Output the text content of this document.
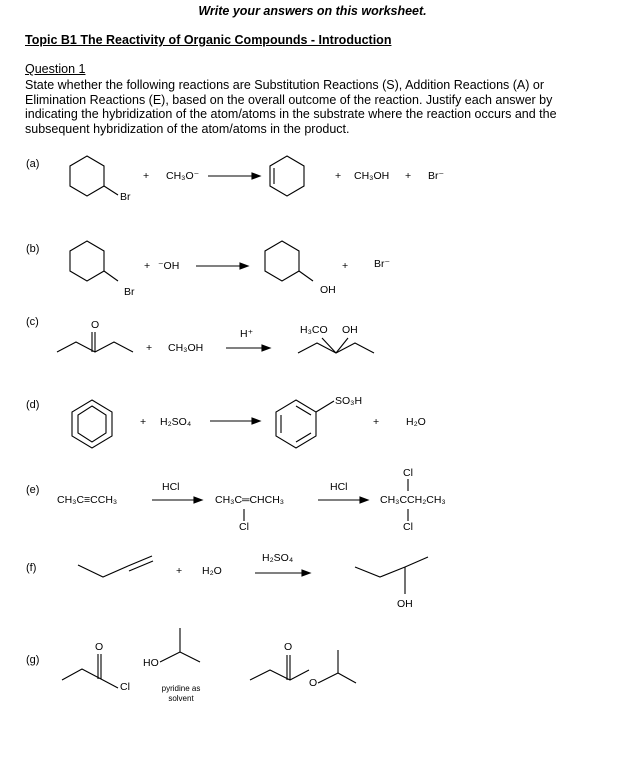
Write your answers on this worksheet.
Topic B1 The Reactivity of Organic Compounds - Introduction
Question 1
State whether the following reactions are Substitution Reactions (S), Addition Reactions (A) or Elimination Reactions (E), based on the overall outcome of the reaction. Justify each answer by indicating the hybridization of the atom/atoms in the substrate where the reaction occurs and the subsequent hybridization of the atom/atoms in the product.
(a)
Br
+ CH₃O⁻	+ CH₃OH + Br⁻
(b)
Br
+ ⁻OH
OH
+ Br⁻
(c)	O
+ CH₃OH
H⁺	H₃CO OH
(d)
+ H₂SO₄
SO₃H
+	H₂O
(e)
CH₃C≡CCH₃
HCl
CH₃C═CHCH₃
Cl
HCl
Cl
CH₃CCH₂CH₃
Cl
(f)	+ H₂O
H₂SO₄
OH
(g)
O
Cl
HO
pyridine as solvent
O
O
